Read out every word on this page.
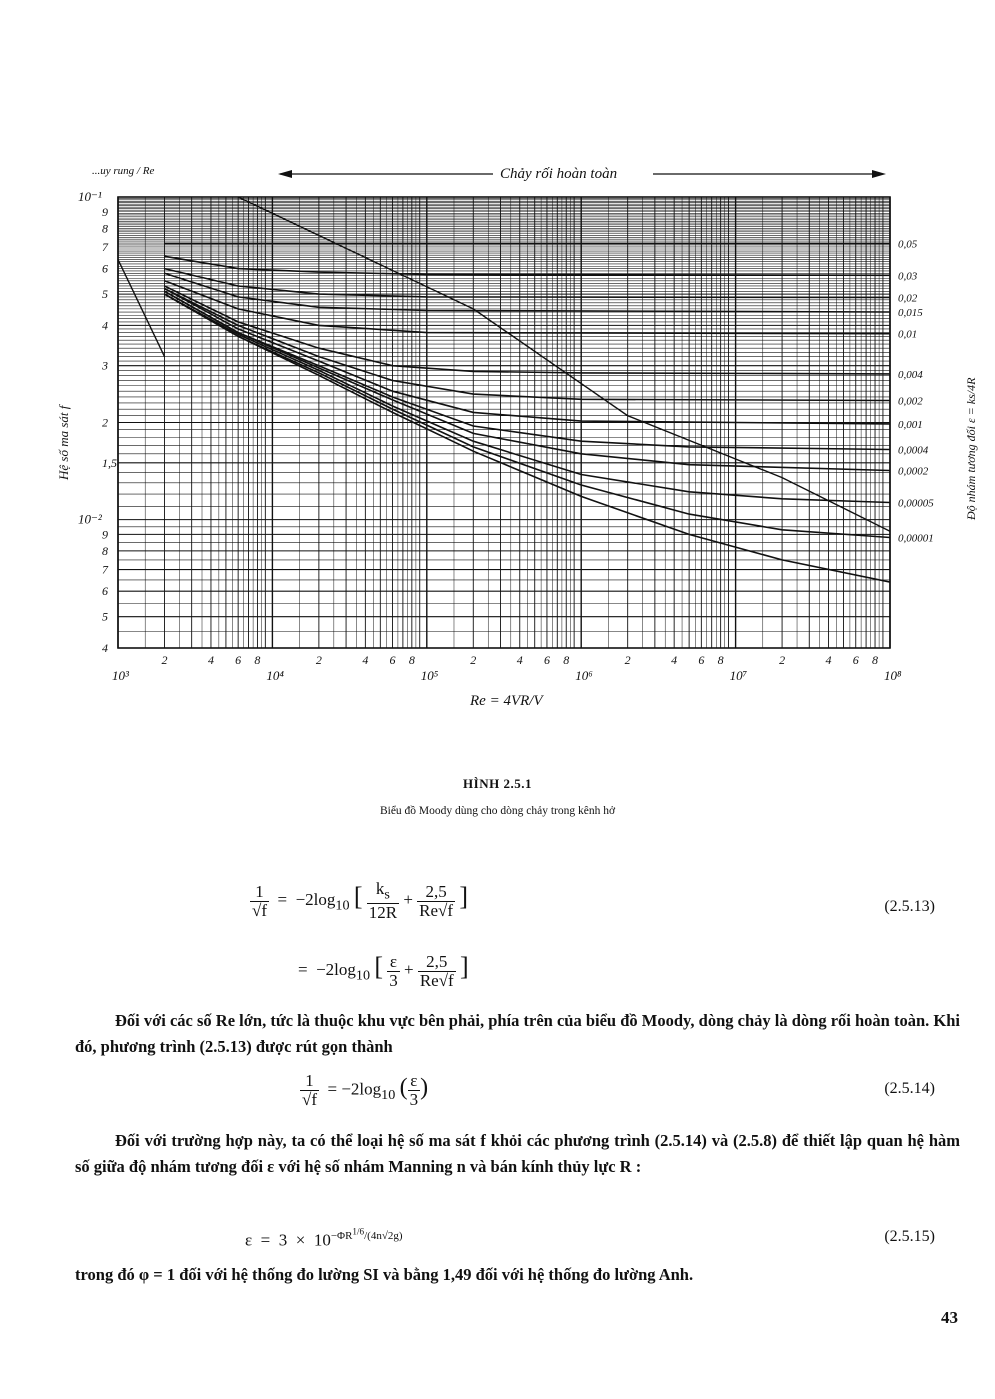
10³
2	4 6 8
10⁴
2	4 6 8
10⁵
2	4 6 8
10⁶
2	4 6 8
10⁷
2	4 6 8
10⁸
10⁻¹
9
8
7
6
5
4
3
2
1,5
10⁻²
9
8
7
6
5
4
0,05
0,03
0,02
0,015
0,01
0,004
0,002
0,001
0,0004
0,0002
0,00005
0,00001
Chảy rối hoàn toàn
...uy rung / Re
Re = 4VR/V
Hệ số ma sát f	Độ nhám tương đối ε = ks/4R
HÌNH 2.5.1
Biểu đồ Moody dùng cho dòng chảy trong kênh hở
$\frac{1}{√f} = -2\log_{10}$ [ $\frac{k_s}{12R} + \frac{2,5}{Re√f}$ ]	(2.5.13)
=  $-2\log_{10}$ [ $\frac{\varepsilon}{3} + \frac{2,5}{Re√f}$ ]
Đối với các số Re lớn, tức là thuộc khu vực bên phải, phía trên của biểu đồ Moody, dòng chảy là dòng rối hoàn toàn. Khi đó, phương trình (2.5.13) được rút gọn thành
$\frac{1}{√f} = -2\log_{10}$ ( $\frac{\varepsilon}{3}$ )	(2.5.14)
Đối với trường hợp này, ta có thể loại hệ số ma sát f khỏi các phương trình (2.5.14) và (2.5.8) để thiết lập quan hệ hàm số giữa độ nhám tương đối ε với hệ số nhám Manning n và bán kính thủy lực R :
$\varepsilon = 3 \times 10^{-\Phi R^{1/6}/(4n√2g)}$	(2.5.15)
trong đó φ = 1 đối với hệ thống đo lường SI và bằng 1,49 đối với hệ thống đo lường Anh.
43
